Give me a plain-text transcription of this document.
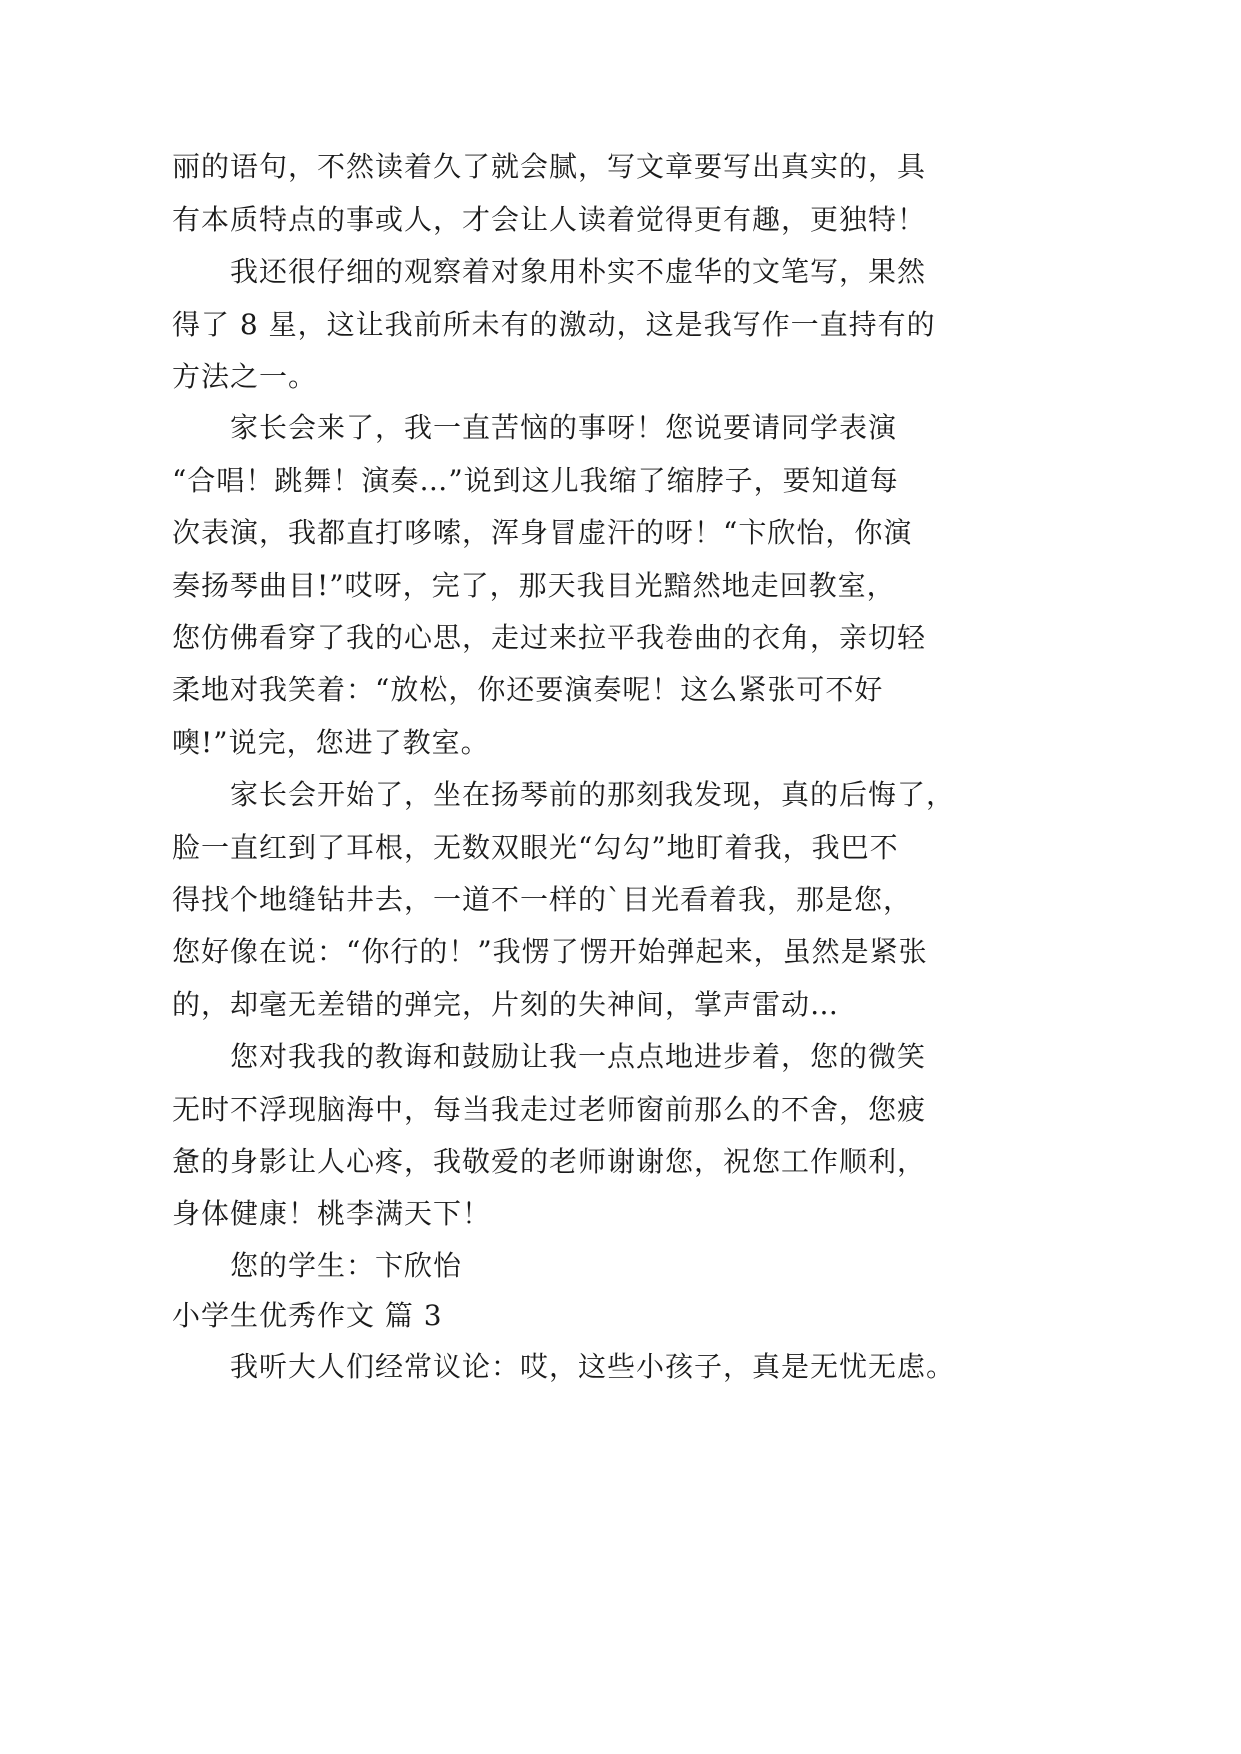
丽的语句，不然读着久了就会腻，写文章要写出真实的，具
有本质特点的事或人，才会让人读着觉得更有趣，更独特！
我还很仔细的观察着对象用朴实不虚华的文笔写，果然
得了 8 星，这让我前所未有的激动，这是我写作一直持有的
方法之一。
家长会来了，我一直苦恼的事呀！您说要请同学表演
“合唱！跳舞！演奏…”说到这儿我缩了缩脖子，要知道每
次表演，我都直打哆嗦，浑身冒虚汗的呀！“卞欣怡，你演
奏扬琴曲目!”哎呀，完了，那天我目光黯然地走回教室，
您仿佛看穿了我的心思，走过来拉平我卷曲的衣角，亲切轻
柔地对我笑着：“放松，你还要演奏呢！这么紧张可不好
噢!”说完，您进了教室。
家长会开始了，坐在扬琴前的那刻我发现，真的后悔了，
脸一直红到了耳根，无数双眼光“勾勾”地盯着我，我巴不
得找个地缝钻井去，一道不一样的`目光看着我，那是您，
您好像在说：“你行的！”我愣了愣开始弹起来，虽然是紧张
的，却毫无差错的弹完，片刻的失神间，掌声雷动…
您对我我的教诲和鼓励让我一点点地进步着，您的微笑
无时不浮现脑海中，每当我走过老师窗前那么的不舍，您疲
惫的身影让人心疼，我敬爱的老师谢谢您，祝您工作顺利，
身体健康！桃李满天下！
您的学生：卞欣怡
小学生优秀作文 篇 3
我听大人们经常议论：哎，这些小孩子，真是无忧无虑。
